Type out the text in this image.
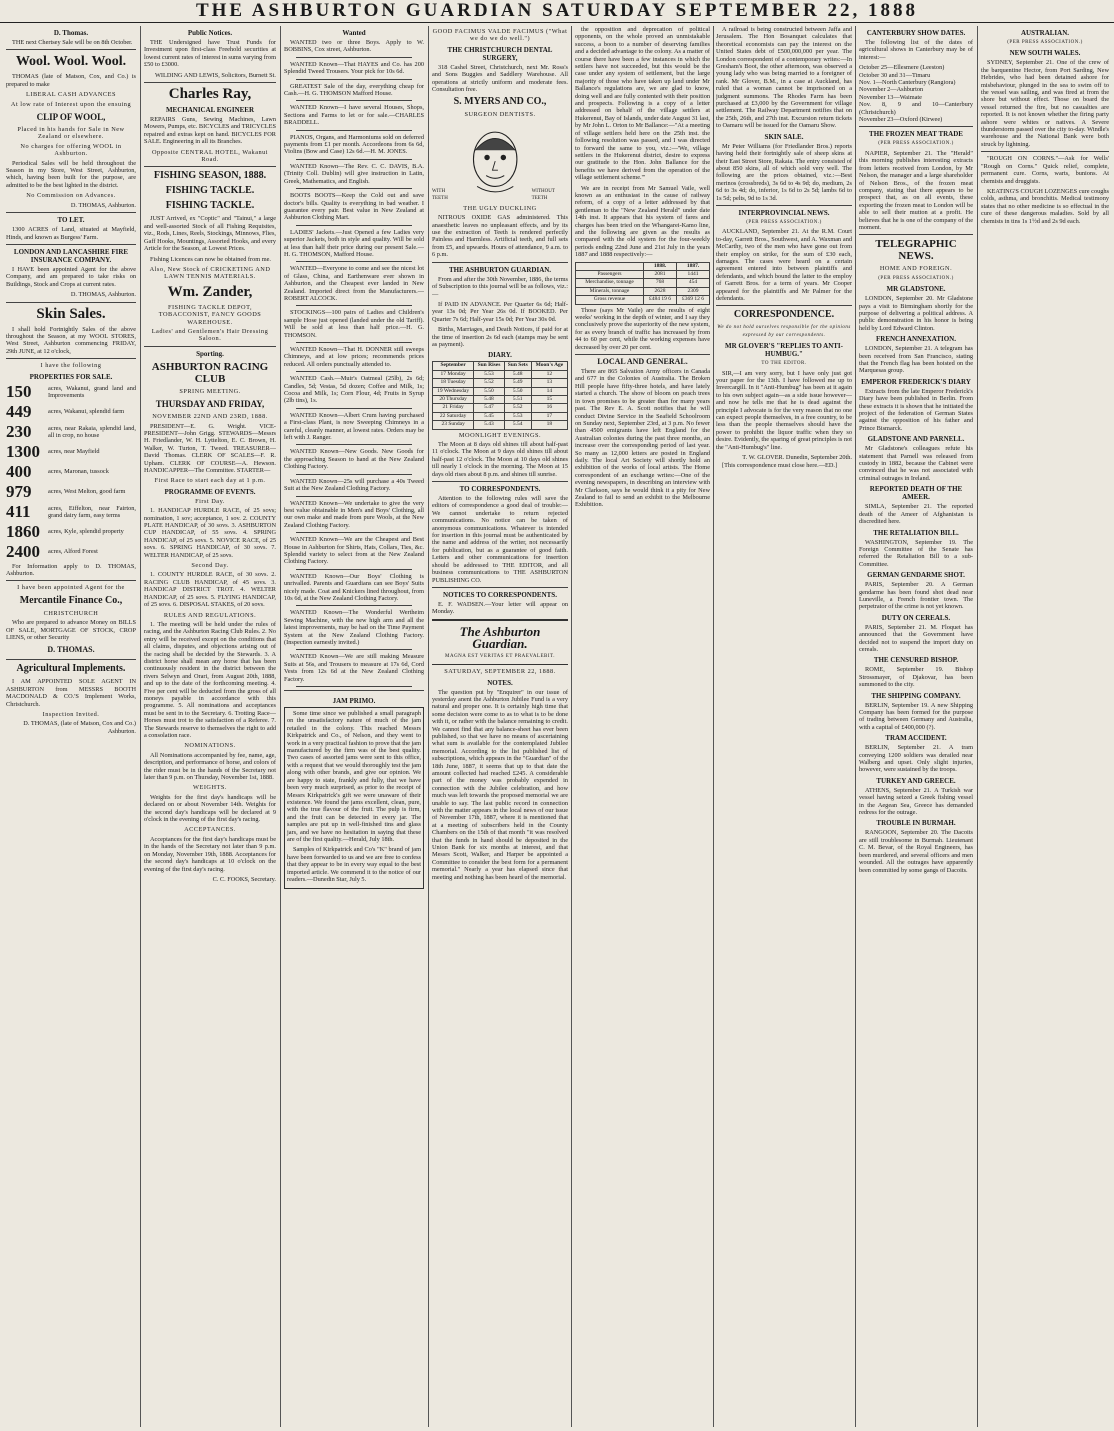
THE ASHBURTON GUARDIAN SATURDAY SEPTEMBER 22, 1888
D. Thomas.

THE next Chertsey Sale will be on 8th October.

Wool. Wool. Wool.

THOMAS (late of Matson, Cox, and Co.) is prepared to make

LIBERAL CASH ADVANCES
At low rate of Interest upon the ensuing
CLIP OF WOOL,
Placed in his hands for Sale in New Zealand or elsewhere.
No charges for offering WOOL in Ashburton.

Periodical Sales will be held throughout the Season in my Store, West Street, Ashburton, which, having been built for the purpose, are admitted to be the best lighted in the district.

No Commission on Advances.
D. THOMAS, Ashburton.
TO LET.

1300 ACRES of Land, situated at Mayfield, Hinds, and known as Burgess' Farm.

LONDON AND LANCASHIRE FIRE INSURANCE COMPANY.

I HAVE been appointed Agent for the above Company, and am prepared to take risks on Buildings, Stock and Crops at current rates.

D. THOMAS, Ashburton.
Skin Sales.

I shall hold Fortnightly Sales of the above throughout the Season, at my WOOL STORES, West Street, Ashburton commencing FRIDAY, 29th JUNE, at 12 o'clock,

I have the following
PROPERTIES FOR SALE.
150	acres, Wakanui, grand land and Improvements
449	acres, Wakanui, splendid farm
230	acres, near Rakaia, splendid land, all in crop, no house
1300	acres, near Mayfield
400	acres, Maronan, tussock
979	acres, West Melton, good farm
411	acres, Eiffelton, near Fairton, grand dairy farm, easy terms
1860	acres, Kyle, splendid property
2400	acres, Alford Forest

For Information apply to D. THOMAS, Ashburton.

I have been appointed Agent for the
Mercantile Finance Co.,
CHRISTCHURCH

Who are prepared to advance Money on BILLS OF SALE, MORTGAGE OF STOCK, CROP LIENS, or other Security

D. THOMAS.
Agricultural Implements.

I AM APPOINTED SOLE AGENT IN ASHBURTON from MESSRS BOOTH MACDONALD & CO.'S Implement Works, Christchurch.

Inspection Invited.
D. THOMAS, (late of Matson, Cox and Co.) Ashburton.
Public Notices.

THE Undersigned have Trust Funds for Investment upon first-class Freehold securities at lowest current rates of interest in sums varying from £50 to £3000.

WILDING AND LEWIS, Solicitors, Burnett St.
Charles Ray,
MECHANICAL ENGINEER

REPAIRS Guns, Sewing Machines, Lawn Mowers, Pumps, etc. BICYCLES and TRICYCLES repaired and extras kept on hand. BICYCLES FOR SALE. Engineering in all its Branches.

Opposite CENTRAL HOTEL, Wakanui Road.
FISHING SEASON, 1888.
FISHING TACKLE.
FISHING TACKLE.

JUST Arrived, ex "Coptic" and "Tainui," a large and well-assorted Stock of all Fishing Requisites, viz., Rods, Lines, Reels, Stockings, Minnows, Flies, Gaff Hooks, Mountings, Assorted Hooks, and every Article for the Season, at Lowest Prices.

Fishing Licences can now be obtained from me.

Also, New Stock of CRICKETING AND LAWN TENNIS MATERIALS.
Wm. Zander,
FISHING TACKLE DEPOT, TOBACCONIST, FANCY GOODS WAREHOUSE.
Ladies' and Gentlemen's Hair Dressing Saloon.
Sporting.
ASHBURTON RACING CLUB
SPRING MEETING.
THURSDAY AND FRIDAY,
NOVEMBER 22ND AND 23RD, 1888.

PRESIDENT—E. G. Wright. VICE-PRESIDENT—John Grigg. STEWARDS—Messrs H. Friedlander, W. H. Lyttelton, E. C. Brown, H. Walker, W. Turton, T. Tweed. TREASURER—David Thomas. CLERK OF SCALES—F. R. Upham. CLERK OF COURSE—A. Hewson. HANDICAPPER—The Committee. STARTER—

First Race to start each day at 1 p.m.
PROGRAMME OF EVENTS.
First Day.

1. HANDICAP HURDLE RACE, of 25 sovs; nomination, 1 sov; acceptance, 1 sov. 2. COUNTY PLATE HANDICAP, of 30 sovs. 3. ASHBURTON CUP HANDICAP, of 55 sovs. 4. SPRING HANDICAP, of 25 sovs. 5. NOVICE RACE, of 25 sovs. 6. SPRING HANDICAP, of 30 sovs. 7. WELTER HANDICAP, of 25 sovs.

Second Day.

1. COUNTY HURDLE RACE, of 30 sovs. 2. RACING CLUB HANDICAP, of 45 sovs. 3. HANDICAP DISTRICT TROT. 4. WELTER HANDICAP, of 25 sovs. 5. FLYING HANDICAP, of 25 sovs. 6. DISPOSAL STAKES, of 20 sovs.

RULES AND REGULATIONS.

1. The meeting will be held under the rules of racing, and the Ashburton Racing Club Rules. 2. No entry will be received except on the conditions that all claims, disputes, and objections arising out of the racing shall be decided by the Stewards. 3. A district horse shall mean any horse that has been continuously resident in the district between the rivers Selwyn and Orari, from August 20th, 1888, and up to the date of the forthcoming meeting. 4. Five per cent will be deducted from the gross of all moneys payable in accordance with this programme. 5. All nominations and acceptances must be sent in to the Secretary. 6. Trotting Race—Horses must trot to the satisfaction of a Referee. 7. The Stewards reserve to themselves the right to add a consolation race.

NOMINATIONS.

All Nominations accompanied by fee, name, age, description, and performance of horse, and colors of the rider must be in the hands of the Secretary not later than 9 p.m. on Thursday, November 1st, 1888.

WEIGHTS.

Weights for the first day's handicaps will be declared on or about November 14th. Weights for the second day's handicaps will be declared at 9 o'clock in the evening of the first day's racing.

ACCEPTANCES.

Acceptances for the first day's handicaps must be in the hands of the Secretary not later than 9 p.m. on Monday, November 19th, 1888. Acceptances for the second day's handicaps at 10 o'clock on the evening of the first day's racing.

C. C. FOOKS, Secretary.
Wanted

WANTED two or three Boys. Apply to W. BOBBINS, Cox street, Ashburton.

WANTED Known—That HAYES and Co. has 200 Splendid Tweed Trousers. Your pick for 10s 6d.

GREATEST Sale of the day, everything cheap for Cash.—H. G. THOMSON Mafford House.

WANTED Known—I have several Houses, Shops, Sections and Farms to let or for sale.—CHARLES BRADDELL.

PIANOS, Organs, and Harmoniums sold on deferred payments from £1 per month. Accordeons from 6s 6d, Violins (Bow and Case) 12s 6d.—H. M. JONES.

WANTED Known—The Rev. C. C. DAVIS, B.A. (Trinity Coll. Dublin) will give instruction in Latin, Greek, Mathematics, and English.

BOOTS BOOTS—Keep the Cold out and save doctor's bills. Quality is everything in bad weather. I guarantee every pair. Best value in New Zealand at Ashburton Clothing Mart.

LADIES' Jackets.—Just Opened a few Ladies very superior Jackets, both in style and quality. Will be sold at less than half their price during our present Sale.—H. G. THOMSON, Mafford House.

WANTED—Everyone to come and see the nicest lot of Glass, China, and Earthenware ever shown in Ashburton, and the Cheapest ever landed in New Zealand. Imported direct from the Manufacturers.—ROBERT ALCOCK.

STOCKINGS—100 pairs of Ladies and Children's sample Hose just opened (landed under the old Tariff). Will be sold at less than half price.—H. G. THOMSON.

WANTED Known—That H. DONNER still sweeps Chimneys, and at low prices; recommends prices reduced. All orders punctually attended to.

WANTED Cash.—Muir's Oatmeal (25lb), 2s 6d; Candles, 5d; Vestas, 5d dozen; Coffee and Milk, 1s; Cocoa and Milk, 1s; Corn Flour, 4d; Fruits in Syrup (2lb tins), 1s.

WANTED Known—Albert Crum having purchased a First-class Plant, is now Sweeping Chimneys in a careful, cleanly manner, at lowest rates. Orders may be left with J. Ranger.

WANTED Known—New Goods. New Goods for the approaching Season to hand at the New Zealand Clothing Factory.

WANTED Known—25s will purchase a 40s Tweed Suit at the New Zealand Clothing Factory.

WANTED Known—We undertake to give the very best value obtainable in Men's and Boys' Clothing, all our own make and made from pure Wools, at the New Zealand Clothing Factory.

WANTED Known—We are the Cheapest and Best House in Ashburton for Shirts, Hats, Collars, Ties, &c. Splendid variety to select from at the New Zealand Clothing Factory.

WANTED Known—Our Boys' Clothing is unrivalled. Parents and Guardians can see Boys' Suits nicely made. Coat and Knickers lined throughout, from 10s 6d, at the New Zealand Clothing Factory.

WANTED Known—The Wonderful Wertheim Sewing Machine, with the new high arm and all the latest improvements, may be had on the Time Payment System at the New Zealand Clothing Factory. (Inspection earnestly invited.)

WANTED Known—We are still making Measure Suits at 56s, and Trousers to measure at 17s 6d, Cord Vests from 12s 6d at the New Zealand Clothing Factory.

JAM PRIMO.

Some time since we published a small paragraph on the unsatisfactory nature of much of the jam retailed in the colony. This reached Messrs Kirkpatrick and Co., of Nelson, and they went to work in a very practical fashion to prove that the jam manufactured by the firm was of the best quality. Two cases of assorted jams were sent to this office, with a request that we would thoroughly test the jam along with other brands, and give our opinion. We are happy to state, frankly and fully, that we have been very much surprised, as prior to the receipt of Messrs Kirkpatrick's gift we were unaware of their existence. We found the jams excellent, clean, pure, with the true flavour of the fruit. The pulp is firm, and the fruit can be detected in every jar. The samples are put up in well-finished tins and glass jars, and we have no hesitation in saying that these are of the first quality.—Herald, July 18th.

Samples of Kirkpatrick and Co's "K" brand of jam have been forwarded to us and we are free to confess that they appear to be in every way equal to the best imported article. We commend it to the notice of our readers.—Dunedin Star, July 5.

GOOD FACIMUS VALDE FACIMUS ("What we do we do well.")
THE CHRISTCHURCH DENTAL SURGERY,

318 Cashel Street, Christchurch, next Mr. Ross's and Sons Buggies and Saddlery Warehouse. All operations at strictly uniform and moderate fees. Consultation free.

S. MYERS AND CO.,
SURGEON DENTISTS.
WITH TEETH
WITHOUT TEETH
THE UGLY DUCKLING

NITROUS OXIDE GAS administered. This anaesthetic leaves no unpleasant effects, and by its use the extraction of Teeth is rendered perfectly Painless and Harmless. Artificial teeth, and full sets from £5, and upwards. Hours of attendance, 9 a.m. to 6 p.m.

THE ASHBURTON GUARDIAN.

From and after the 30th November, 1886, the terms of Subscription to this journal will be as follows, viz.:—

If PAID IN ADVANCE. Per Quarter 6s 6d; Half-year 13s 0d; Per Year 26s 0d. If BOOKED. Per Quarter 7s 6d; Half-year 15s 0d; Per Year 30s 0d.

Births, Marriages, and Death Notices, if paid for at the time of insertion 2s 6d each (stamps may be sent as payment).

DIARY.
September	Sun Rises	Sun Sets	Moon's Age
17 Monday	5.53	5.48	12
18 Tuesday	5.52	5.49	13
19 Wednesday	5.50	5.50	14
20 Thursday	5.48	5.51	15
21 Friday	5.47	5.52	16
22 Saturday	5.45	5.53	17
23 Sunday	5.43	5.54	18
MOONLIGHT EVENINGS.

The Moon at 8 days old shines till about half-past 11 o'clock. The Moon at 9 days old shines till about half-past 12 o'clock. The Moon at 10 days old shines till nearly 1 o'clock in the morning. The Moon at 15 days old rises about 8 p.m. and shines till sunrise.

TO CORRESPONDENTS.

Attention to the following rules will save the editors of correspondence a good deal of trouble:—We cannot undertake to return rejected communications. No notice can be taken of anonymous communications. Whatever is intended for insertion in this journal must be authenticated by the name and address of the writer, not necessarily for publication, but as a guarantee of good faith. Letters and other communications for insertion should be addressed to THE EDITOR, and all business communications to THE ASHBURTON PUBLISHING CO.

NOTICES TO CORRESPONDENTS.

E. F. WADSEN.—Your letter will appear on Monday.

The Ashburton Guardian.
MAGNA EST VERITAS ET PRAEVALEBIT.
SATURDAY, SEPTEMBER 22, 1888.
NOTES.

The question put by "Enquirer" in our issue of yesterday anent the Ashburton Jubilee Fund is a very natural and proper one. It is certainly high time that some decision were come to as to what is to be done with it, or rather with the balance remaining to credit. We cannot find that any balance-sheet has ever been published, so that we have no means of ascertaining what sum is available for the contemplated Jubilee memorial. According to the list published list of subscriptions, which appears in the "Guardian" of the 18th June, 1887, it seems that up to that date the amount collected had reached £245. A considerable part of the money was probably expended in connection with the Jubilee celebration, and how much was left towards the proposed memorial we are unable to say. The last public record in connection with the matter appears in the local news of our issue of November 17th, 1887, where it is mentioned that at a meeting of subscribers held in the County Chambers on the 15th of that month "it was resolved that the funds in hand should be deposited in the Union Bank for six months at interest, and that Messrs Scott, Walker, and Harper be appointed a Committee to consider the best form for a permanent memorial." Nearly a year has elapsed since that meeting and nothing has been heard of the memorial.

the opposition and deprecation of political opponents, on the whole proved an unmistakable success, a boon to a number of deserving families and a decided advantage to the colony. As a matter of course there have been a few instances in which the settlers have not succeeded, but this would be the case under any system of settlement, but the large majority of those who have taken up land under Mr Ballance's regulations are, we are glad to know, doing well and are fully contented with their position and prospects. Following is a copy of a letter addressed on behalf of the village settlers at Hukerenui, Bay of Islands, under date August 31 last, by Mr John L. Orton to Mr Ballance:—"At a meeting of village settlers held here on the 25th inst. the following resolution was passed, and I was directed to forward the same to you, viz.:—'We, village settlers in the Hukerenui district, desire to express our gratitude to the Hon. John Ballance for the benefits we have derived from the operation of the village settlement scheme.'"

We are in receipt from Mr Samuel Vaile, well known as an enthusiast in the cause of railway reform, of a copy of a letter addressed by that gentleman to the "New Zealand Herald" under date 14th inst. It appears that his system of fares and charges has been tried on the Whangarei-Kamo line, and the following are given as the results as compared with the old system for the four-weekly periods ending 22nd June and 21st July in the years 1887 and 1888 respectively:—

	1888.	1887.
Passengers	2081	1441
Merchandise, tonnage	768	454
Minerals, tonnage	2628	2309
Gross revenue	£484 19 6	£369 12 6

Those (says Mr Vaile) are the results of eight weeks' working in the depth of winter, and I say they conclusively prove the superiority of the new system, for as every branch of traffic has increased by from 44 to 60 per cent, while the working expenses have decreased by over 20 per cent.

LOCAL AND GENERAL.

There are 865 Salvation Army officers in Canada and 677 in the Colonies of Australia. The Broken Hill people have fifty-three hotels, and have lately started a church. The show of bloom on peach trees in town promises to be greater than for many years past. The Rev E. A. Scott notifies that he will conduct Divine Service in the Seafield Schoolroom on Sunday next, September 23rd, at 3 p.m. No fewer than 4500 emigrants have left England for the Australian colonies during the past three months, an increase over the corresponding period of last year. So many as 12,000 letters are posted in England daily. The local Art Society will shortly hold an exhibition of the works of local artists. The Home correspondent of an exchange writes:—One of the evening newspapers, in describing an interview with Mr Clarkson, says he would think it a pity for New Zealand to fail to send an exhibit to the Melbourne Exhibition.

A railroad is being constructed between Jaffa and Jerusalem. The Hon Bosanquet calculates that theoretical economists can pay the interest on the United States debt of £500,000,000 per year. The London correspondent of a contemporary writes:—In Gresham's Boot, the other afternoon, was observed a young lady who was being married to a foreigner of rank. Mr Glover, B.M., in a case at Auckland, has ruled that a woman cannot be imprisoned on a judgment summons. The Rhodes Farm has been purchased at £3,000 by the Government for village settlement. The Railway Department notifies that on the 25th, 26th, and 27th inst. Excursion return tickets to Oamaru will be issued for the Oamaru Show.

SKIN SALE.

Mr Peter Williams (for Friedlander Bros.) reports having held their fortnightly sale of sheep skins at their East Street Store, Rakaia. The entry consisted of about 850 skins, all of which sold very well. The following are the prices obtained, viz.:—Best merinos (crossbreds), 3s 6d to 4s 9d; do, medium, 2s 6d to 3s 4d; do, inferior, 1s 6d to 2s 5d; lambs 6d to 1s 5d; pelts, 9d to 1s 3d.

INTERPROVINCIAL NEWS.
(PER PRESS ASSOCIATION.)

AUCKLAND, September 21. At the R.M. Court to-day, Garrett Bros., Southwest, and A. Waxman and McCarthy, two of the men who have gone out from their employ on strike, for the sum of £30 each, damages. The cases were heard on a certain agreement entered into between plaintiffs and defendants, and which bound the latter to the employ of Garrett Bros. for a term of years. Mr Cooper appeared for the plaintiffs and Mr Palmer for the defendants.

CORRESPONDENCE.
We do not hold ourselves responsible for the opinions expressed by our correspondents.
MR GLOVER'S "REPLIES TO ANTI-HUMBUG."
TO THE EDITOR.

SIR,—I am very sorry, but I have only just got your paper for the 13th. I have followed me up to Invercargill. In it "Anti-Humbug" has been at it again to his own subject again—as a side issue however—and now he tells me that he is dead against the principle I advocate is for the very reason that no one can expect people themselves, in a free country, to be less than the people themselves should have the power to prohibit the liquor traffic when they so desire. Evidently, the sparing of great principles is not the "Anti-Humbug's" line.

T. W. GLOVER. Dunedin, September 20th.

[This correspondence must close here.—ED.]

CANTERBURY SHOW DATES.

The following list of the dates of agricultural shows in Canterbury may be of interest:—

October 25—Ellesmere (Leeston)
October 30 and 31—Timaru
Nov. 1—North Canterbury (Rangiora)
November 2—Ashburton
November 13—Waimate
Nov. 8, 9 and 10—Canterbury (Christchurch)
November 23—Oxford (Kirwee)
THE FROZEN MEAT TRADE
(PER PRESS ASSOCIATION.)

NAPIER, September 21. The "Herald" this morning publishes interesting extracts from letters received from London, by Mr Nelson, the manager and a large shareholder of Nelson Bros., of the frozen meat company, stating that there appears to be prospect that, as on all events, these exporting the frozen meat to London will be able to sell their mutton at a profit. He believes that he is one of the company of the moment.

TELEGRAPHIC NEWS.
HOME AND FOREIGN.
(PER PRESS ASSOCIATION.)
MR GLADSTONE.

LONDON, September 20. Mr Gladstone pays a visit to Birmingham shortly for the purpose of delivering a political address. A public demonstration in his honor is being held by Lord Edward Clinton.

FRENCH ANNEXATION.

LONDON, September 21. A telegram has been received from San Francisco, stating that the French flag has been hoisted on the Marquesas group.

EMPEROR FREDERICK'S DIARY

Extracts from the late Emperor Frederick's Diary have been published in Berlin. From these extracts it is shown that he initiated the project of the federation of German States against the opposition of his father and Prince Bismarck.

GLADSTONE AND PARNELL.

Mr Gladstone's colleagues refute his statement that Parnell was released from custody in 1882, because the Cabinet were convinced that he was not associated with criminal outrages in Ireland.

REPORTED DEATH OF THE AMEER.

SIMLA, September 21. The reported death of the Ameer of Afghanistan is discredited here.

THE RETALIATION BILL.

WASHINGTON, September 19. The Foreign Committee of the Senate has referred the Retaliation Bill to a sub-Committee.

GERMAN GENDARME SHOT.

PARIS, September 20. A German gendarme has been found shot dead near Luneville, a French frontier town. The perpetrator of the crime is not yet known.

DUTY ON CEREALS.

PARIS, September 21. M. Floquet has announced that the Government have decided not to suspend the import duty on cereals.

THE CENSURED BISHOP.

ROME, September 19. Bishop Strossmayer, of Djakovar, has been summoned to the city.

THE SHIPPING COMPANY.

BERLIN, September 19. A new Shipping Company has been formed for the purpose of trading between Germany and Australia, with a capital of £400,000 (?).

TRAM ACCIDENT.

BERLIN, September 21. A tram conveying 1200 soldiers was derailed near Walberg and upset. Only slight injuries, however, were sustained by the troops.

TURKEY AND GREECE.

ATHENS, September 21. A Turkish war vessel having seized a Greek fishing vessel in the Aegean Sea, Greece has demanded redress for the outrage.

TROUBLE IN BURMAH.

RANGOON, September 20. The Dacoits are still troublesome in Burmah. Lieutenant C. M. Bevar, of the Royal Engineers, has been murdered, and several officers and men wounded. All the outrages have apparently been committed by some gangs of Dacoits.

AUSTRALIAN.
(PER PRESS ASSOCIATION.)
NEW SOUTH WALES.

SYDNEY, September 21. One of the crew of the barquentine Hector, from Port Sarding, New Hebrides, who had been detained ashore for misbehaviour, plunged in the sea to swim off to the vessel was sailing, and was fired at from the shore but without effect. Those on board the vessel returned the fire, but no casualties are reported. It is not known whether the firing party ashore were whites or natives. A Severe thunderstorm passed over the city to-day. Windle's warehouse and the National Bank were both struck by lightning.

"ROUGH ON CORNS."—Ask for Wells' "Rough on Corns." Quick relief, complete, permanent cure. Corns, warts, bunions. At chemists and druggists.

KEATING'S COUGH LOZENGES cure coughs colds, asthma, and bronchitis. Medical testimony states that no other medicine is so effectual in the cure of these dangerous maladies. Sold by all chemists in tins 1s 1½d and 2s 9d each.
